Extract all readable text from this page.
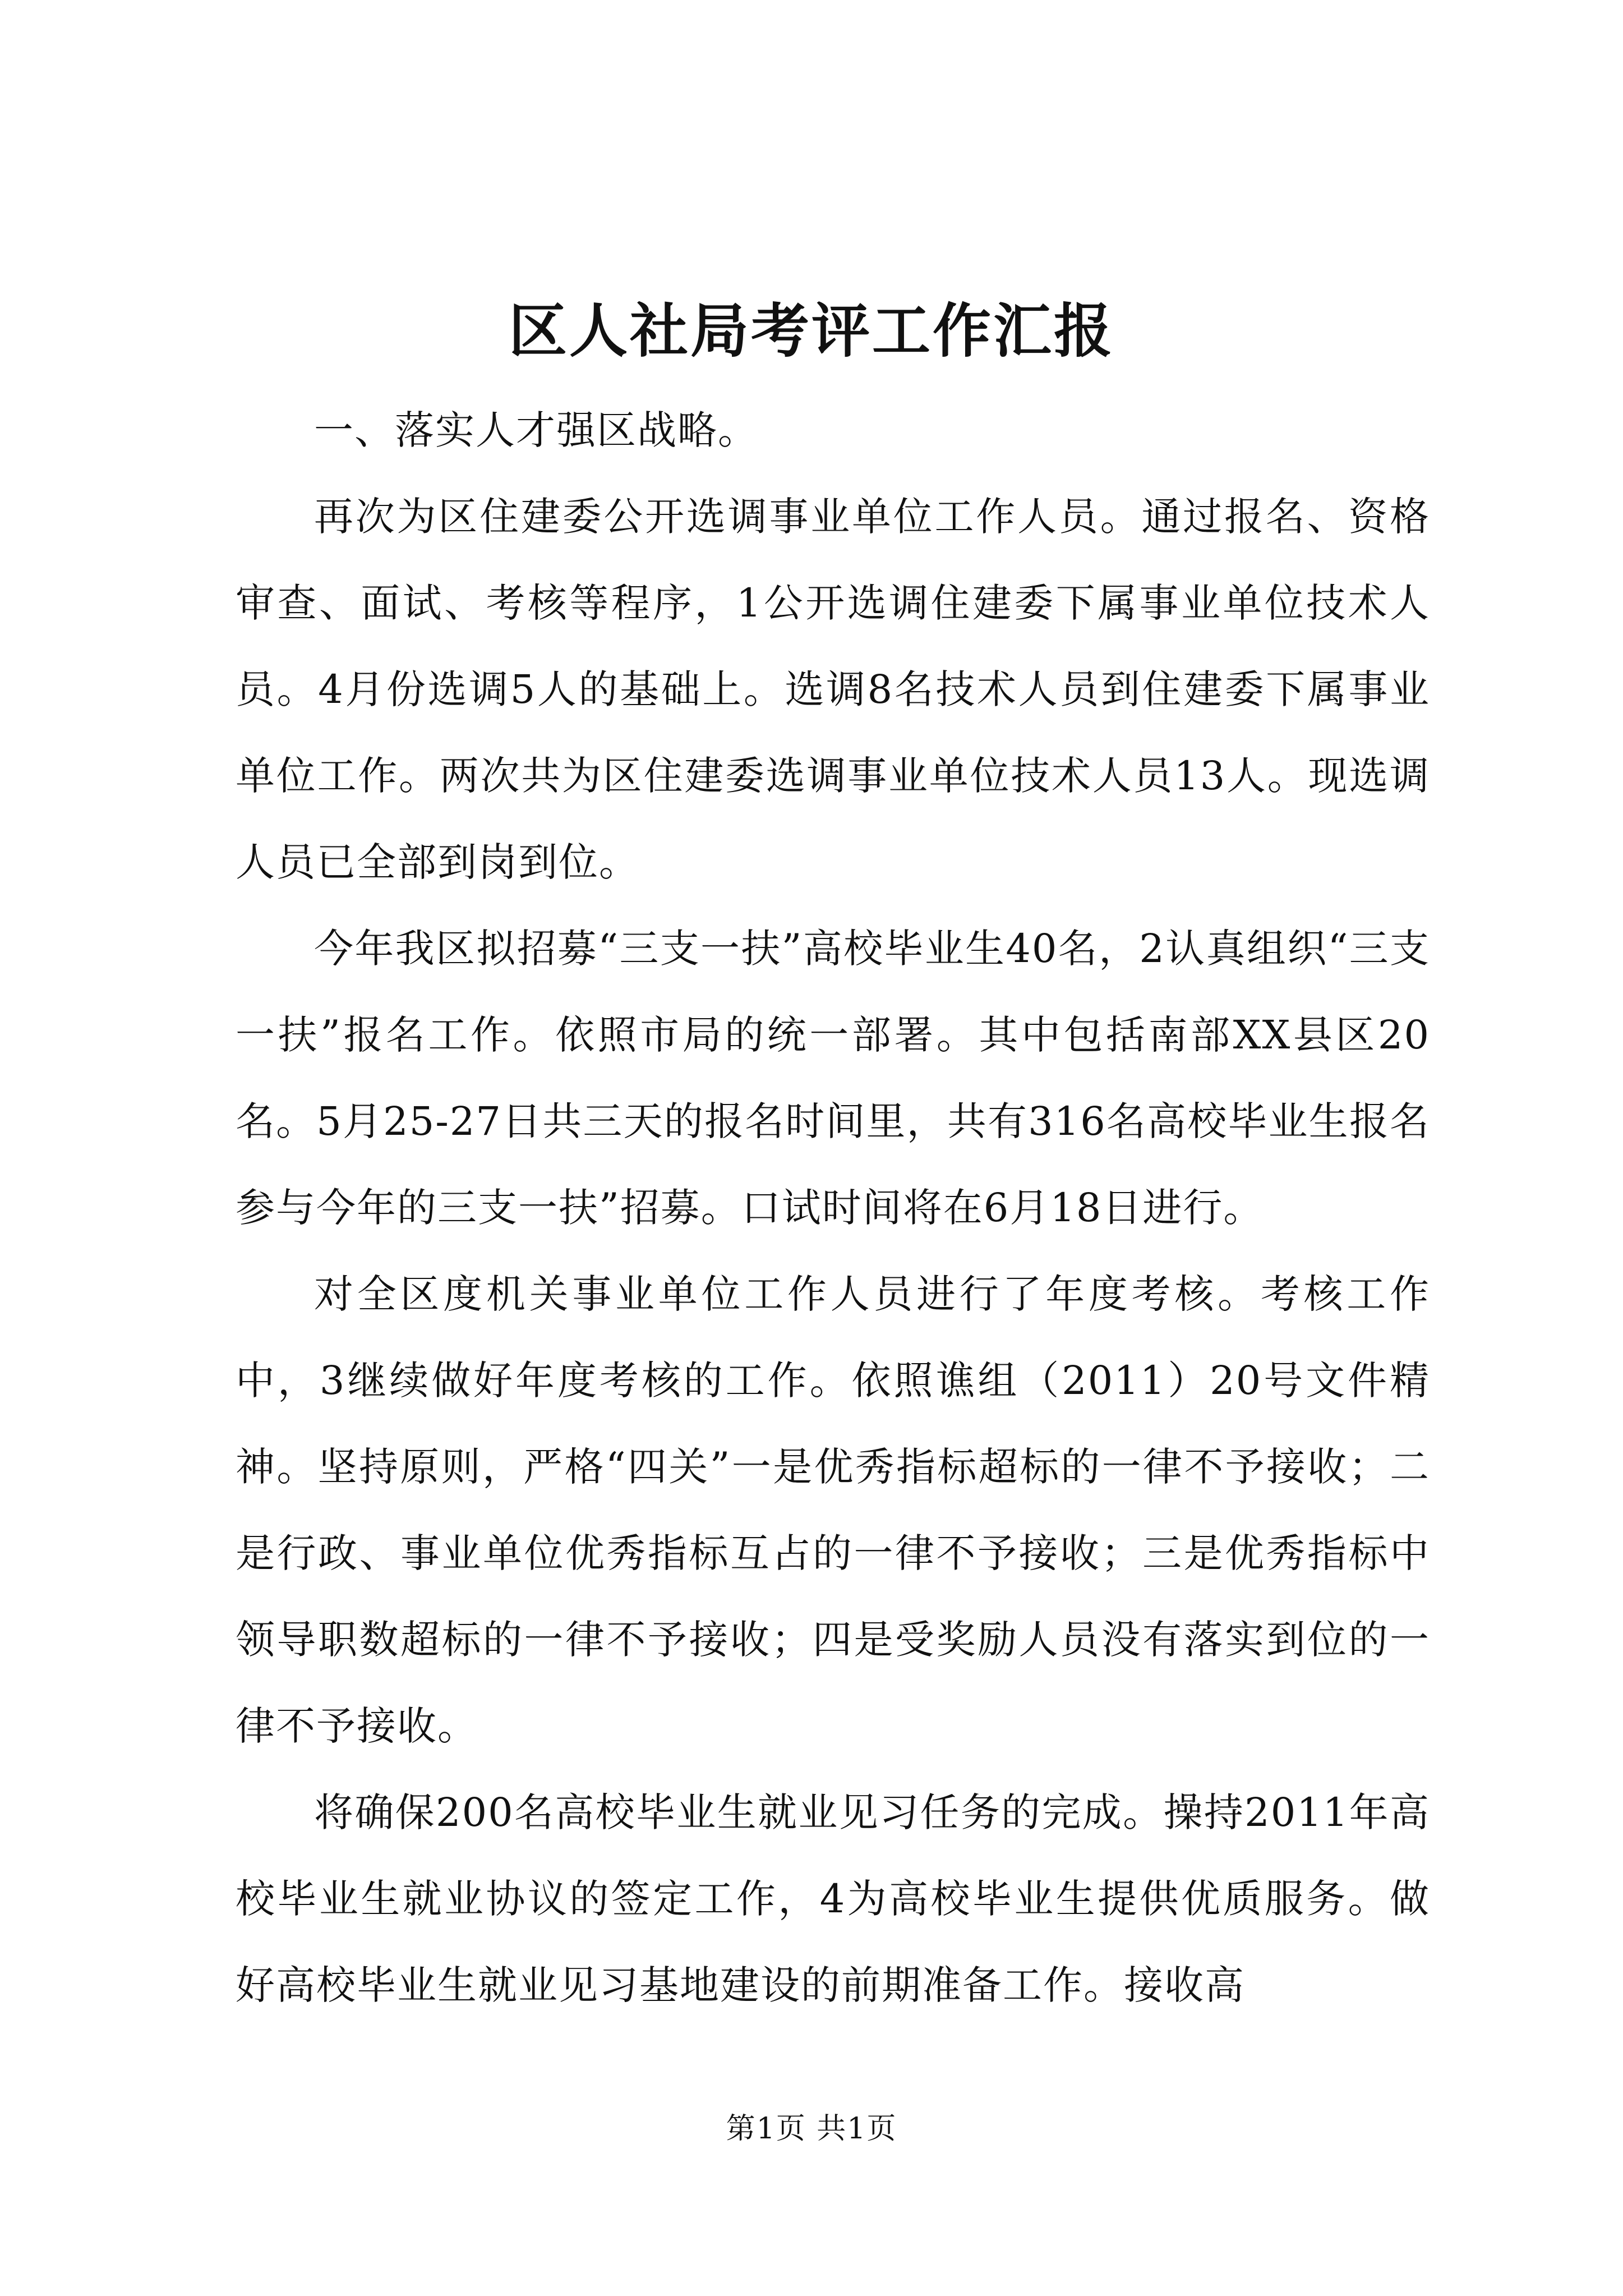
区人社局考评工作汇报

一、落实人才强区战略。

再次为区住建委公开选调事业单位工作人员。通过报名、资格审查、面试、考核等程序，1公开选调住建委下属事业单位技术人员。4月份选调5人的基础上。选调8名技术人员到住建委下属事业单位工作。两次共为区住建委选调事业单位技术人员13人。现选调人员已全部到岗到位。

今年我区拟招募“三支一扶”高校毕业生40名，2认真组织“三支一扶”报名工作。依照市局的统一部署。其中包括南部XX县区20名。5月25-27日共三天的报名时间里，共有316名高校毕业生报名参与今年的三支一扶”招募。口试时间将在6月18日进行。

对全区度机关事业单位工作人员进行了年度考核。考核工作中，3继续做好年度考核的工作。依照谯组（2011）20号文件精神。坚持原则，严格“四关”一是优秀指标超标的一律不予接收；二是行政、事业单位优秀指标互占的一律不予接收；三是优秀指标中领导职数超标的一律不予接收；四是受奖励人员没有落实到位的一律不予接收。

将确保200名高校毕业生就业见习任务的完成。操持2011年高校毕业生就业协议的签定工作，4为高校毕业生提供优质服务。做好高校毕业生就业见习基地建设的前期准备工作。接收高

第1页 共1页
